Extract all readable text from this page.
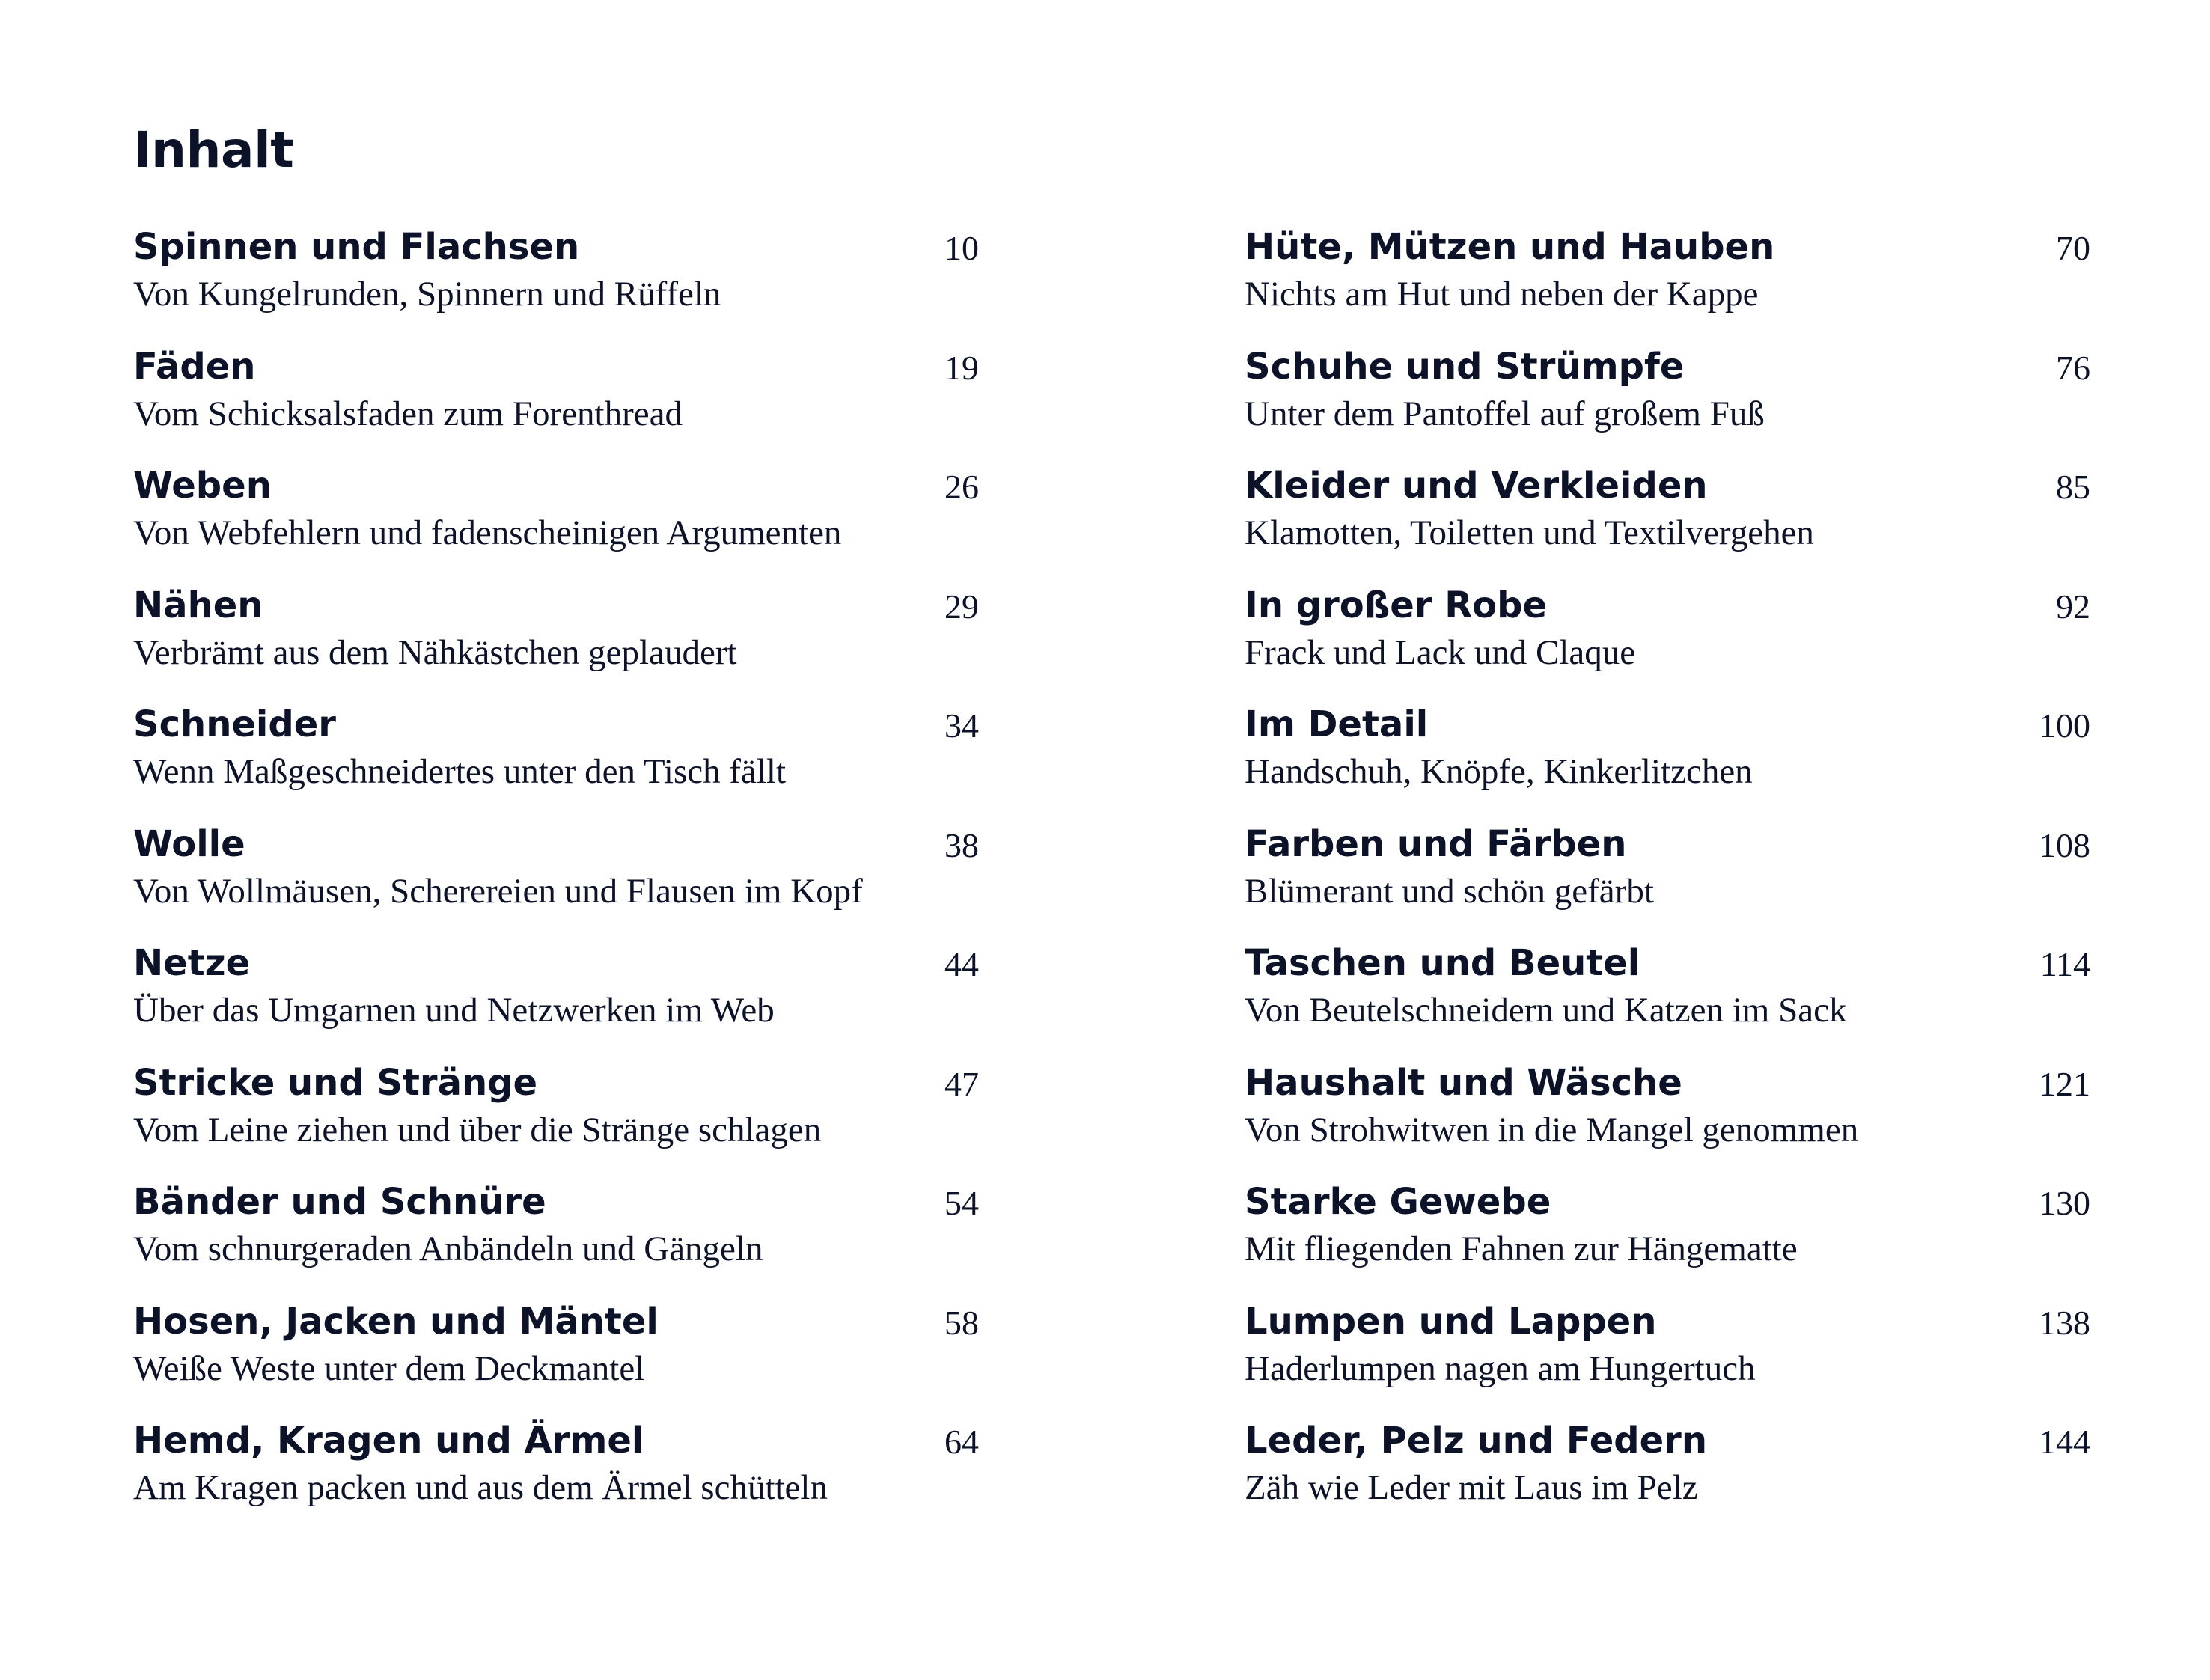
Inhalt
Spinnen und Flachsen	10
Von Kungelrunden, Spinnern und Rüffeln
Fäden	19
Vom Schicksalsfaden zum Forenthread
Weben	26
Von Webfehlern und fadenscheinigen Argumenten
Nähen	29
Verbrämt aus dem Nähkästchen geplaudert
Schneider	34
Wenn Maßgeschneidertes unter den Tisch fällt
Wolle	38
Von Wollmäusen, Scherereien und Flausen im Kopf
Netze	44
Über das Umgarnen und Netzwerken im Web
Stricke und Stränge	47
Vom Leine ziehen und über die Stränge schlagen
Bänder und Schnüre	54
Vom schnurgeraden Anbändeln und Gängeln
Hosen, Jacken und Mäntel	58
Weiße Weste unter dem Deckmantel
Hemd, Kragen und Ärmel	64
Am Kragen packen und aus dem Ärmel schütteln
Hüte, Mützen und Hauben	70
Nichts am Hut und neben der Kappe
Schuhe und Strümpfe	76
Unter dem Pantoffel auf großem Fuß
Kleider und Verkleiden	85
Klamotten, Toiletten und Textilvergehen
In großer Robe	92
Frack und Lack und Claque
Im Detail	100
Handschuh, Knöpfe, Kinkerlitzchen
Farben und Färben	108
Blümerant und schön gefärbt
Taschen und Beutel	114
Von Beutelschneidern und Katzen im Sack
Haushalt und Wäsche	121
Von Strohwitwen in die Mangel genommen
Starke Gewebe	130
Mit fliegenden Fahnen zur Hängematte
Lumpen und Lappen	138
Haderlumpen nagen am Hungertuch
Leder, Pelz und Federn	144
Zäh wie Leder mit Laus im Pelz
